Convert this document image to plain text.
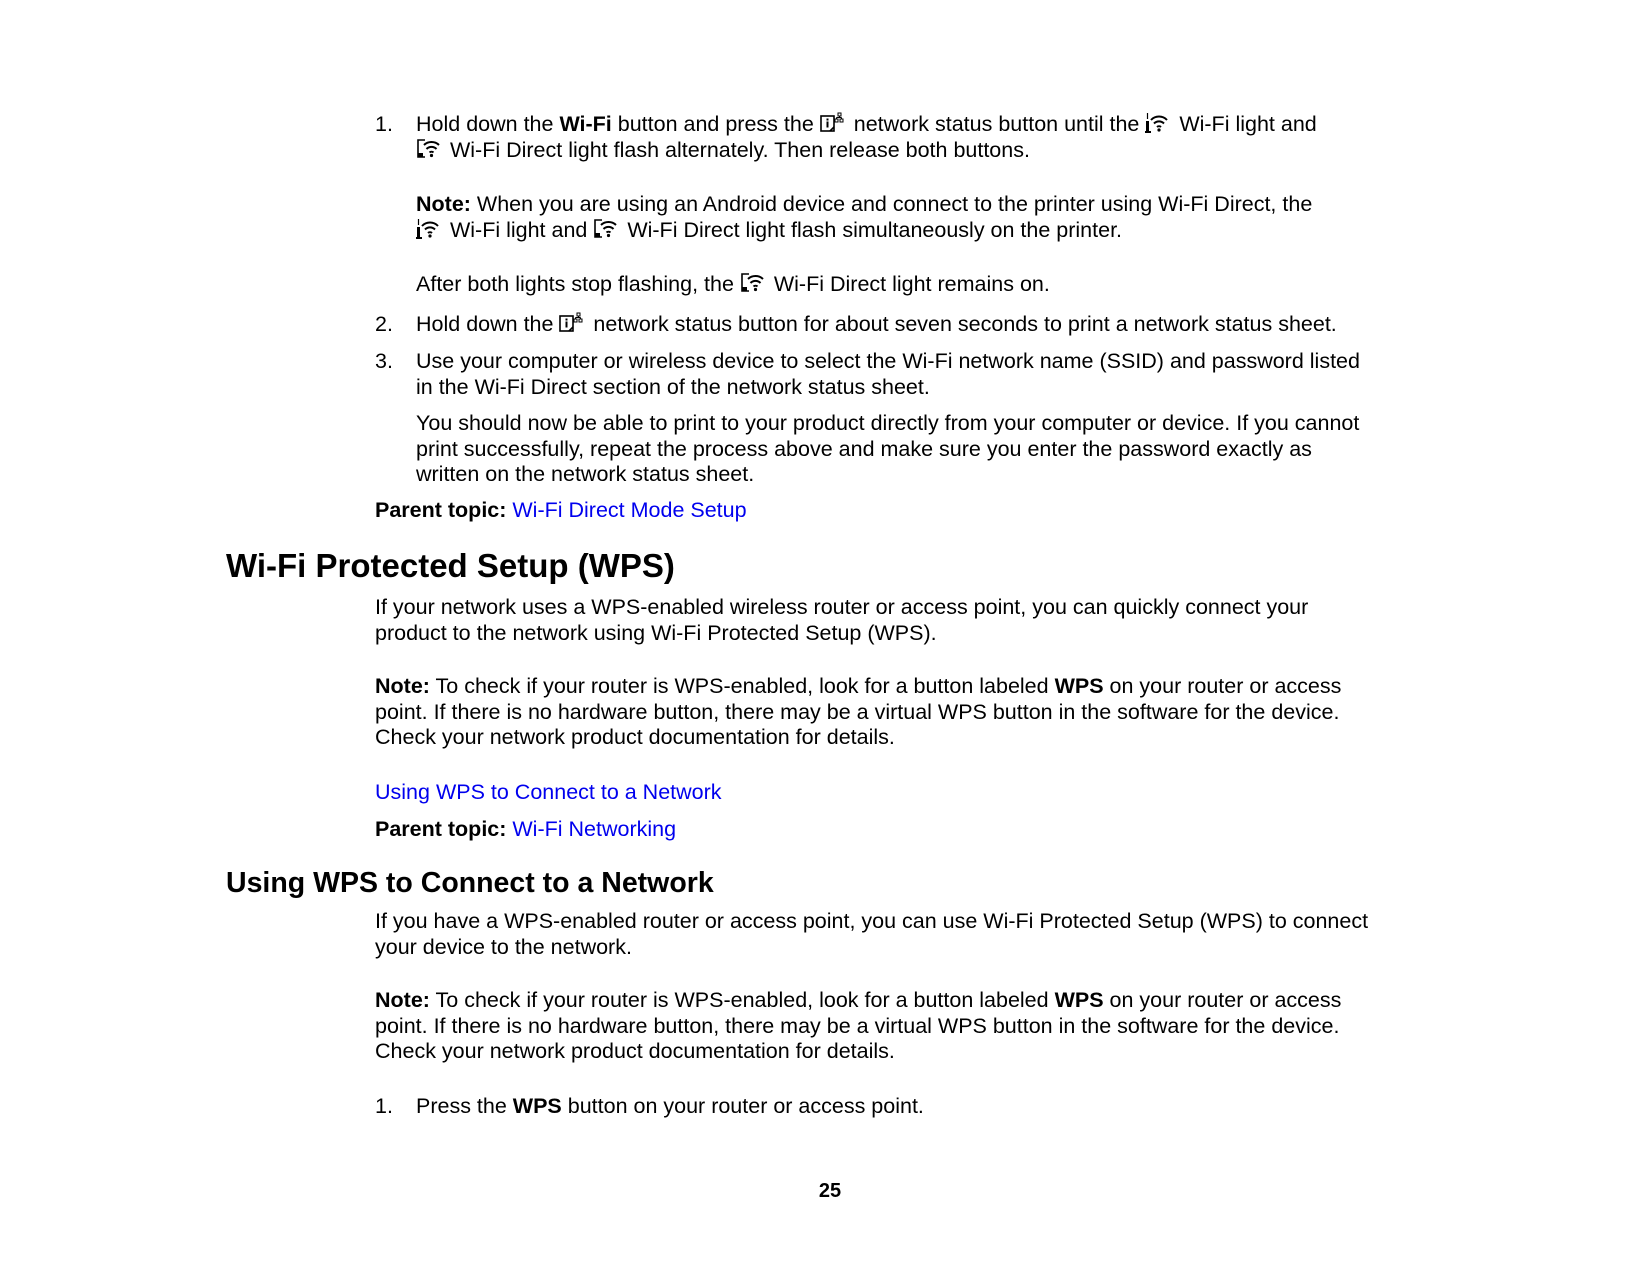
1. Hold down the Wi-Fi button and press the
network status button until the
Wi-Fi light and
Wi-Fi Direct light flash alternately. Then release both buttons.
Note: When you are using an Android device and connect to the printer using Wi-Fi Direct, the
Wi-Fi light and
Wi-Fi Direct light flash simultaneously on the printer.
After both lights stop flashing, the
Wi-Fi Direct light remains on.
2. Hold down the
network status button for about seven seconds to print a network status sheet.
3. Use your computer or wireless device to select the Wi-Fi network name (SSID) and password listed
in the Wi-Fi Direct section of the network status sheet.
You should now be able to print to your product directly from your computer or device. If you cannot
print successfully, repeat the process above and make sure you enter the password exactly as
written on the network status sheet.
Parent topic: Wi-Fi Direct Mode Setup
Wi-Fi Protected Setup (WPS)
If your network uses a WPS-enabled wireless router or access point, you can quickly connect your
product to the network using Wi-Fi Protected Setup (WPS).
Note: To check if your router is WPS-enabled, look for a button labeled WPS on your router or access
point. If there is no hardware button, there may be a virtual WPS button in the software for the device.
Check your network product documentation for details.
Using WPS to Connect to a Network
Parent topic: Wi-Fi Networking
Using WPS to Connect to a Network
If you have a WPS-enabled router or access point, you can use Wi-Fi Protected Setup (WPS) to connect
your device to the network.
Note: To check if your router is WPS-enabled, look for a button labeled WPS on your router or access
point. If there is no hardware button, there may be a virtual WPS button in the software for the device.
Check your network product documentation for details.
1. Press the WPS button on your router or access point.
25
